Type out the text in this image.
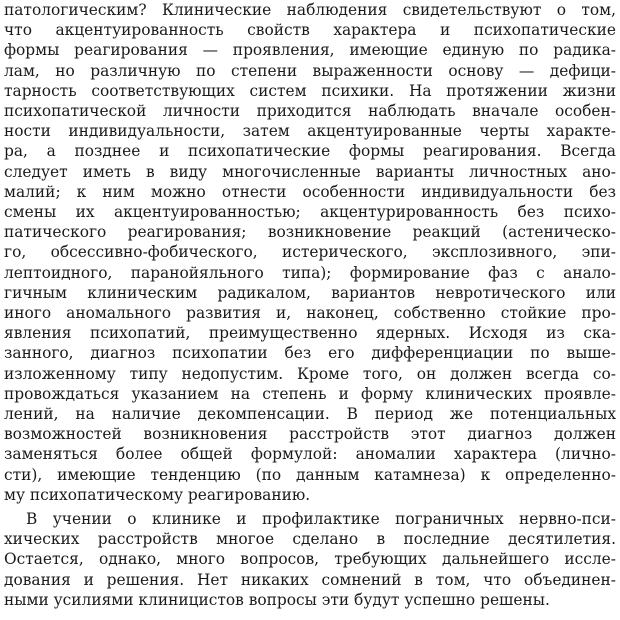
патологическим? Клинические наблюдения свидетельствуют о том,
что акцентуированность свойств характера и психопатические
формы реагирования — проявления, имеющие единую по радика-
лам, но различную по степени выраженности основу — дефици-
тарность соответствующих систем психики. На протяжении жизни
психопатической личности приходится наблюдать вначале особен-
ности индивидуальности, затем акцентуированные черты характе-
ра, а позднее и психопатические формы реагирования. Всегда
следует иметь в виду многочисленные варианты личностных ано-
малий; к ним можно отнести особенности индивидуальности без
смены их акцентуированностью; акцентурированность без психо-
патического реагирования; возникновение реакций (астеническо-
го, обсессивно-фобического, истерического, эксплозивного, эпи-
лептоидного, паранойяльного типа); формирование фаз с анало-
гичным клиническим радикалом, вариантов невротического или
иного аномального развития и, наконец, собственно стойкие про-
явления психопатий, преимущественно ядерных. Исходя из ска-
занного, диагноз психопатии без его дифференциации по выше-
изложенному типу недопустим. Кроме того, он должен всегда со-
провождаться указанием на степень и форму клинических проявле-
лений, на наличие декомпенсации. В период же потенциальных
возможностей возникновения расстройств этот диагноз должен
заменяться более общей формулой: аномалии характера (лично-
сти), имеющие тенденцию (по данным катамнеза) к определенно-
му психопатическому реагированию.
В учении о клинике и профилактике пограничных нервно-пси-
хических расстройств многое сделано в последние десятилетия.
Остается, однако, много вопросов, требующих дальнейшего иссле-
дования и решения. Нет никаких сомнений в том, что объединен-
ными усилиями клиницистов вопросы эти будут успешно решены.
